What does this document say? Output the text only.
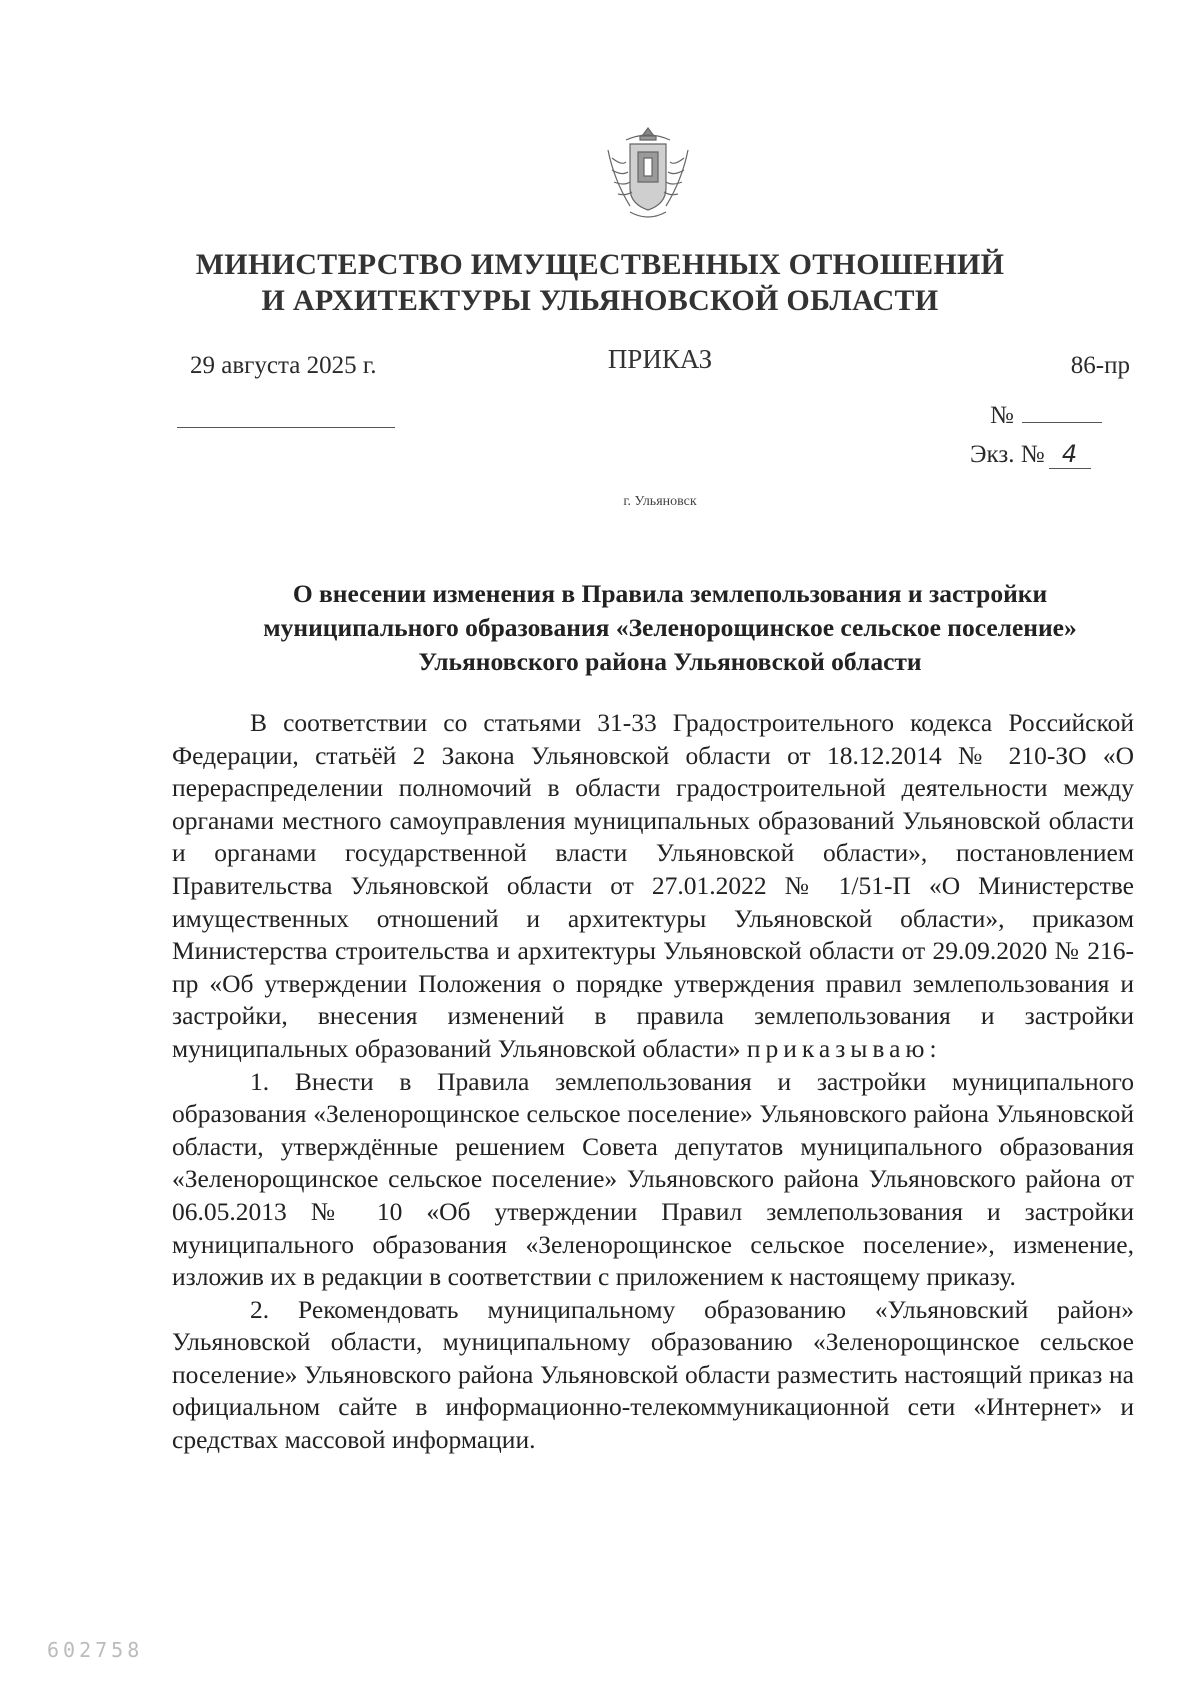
МИНИСТЕРСТВО ИМУЩЕСТВЕННЫХ ОТНОШЕНИЙ
И АРХИТЕКТУРЫ УЛЬЯНОВСКОЙ ОБЛАСТИ
29 августа 2025 г.	ПРИКАЗ	86-пр
№
Экз. № 4
г. Ульяновск
О внесении изменения в Правила землепользования и застройки
муниципального образования «Зеленорощинское сельское поселение»
Ульяновского района Ульяновской области

В соответствии со статьями 31-33 Градостроительного кодекса Российской Федерации, статьёй 2 Закона Ульяновской области от 18.12.2014 № 210-ЗО «О перераспределении полномочий в области градостроительной деятельности между органами местного самоуправления муниципальных образований Ульяновской области и органами государственной власти Ульяновской области», постановлением Правительства Ульяновской области от 27.01.2022 № 1/51-П «О Министерстве имущественных отношений и архитектуры Ульяновской области», приказом Министерства строительства и архитектуры Ульяновской области от 29.09.2020 № 216-пр «Об утверждении Положения о порядке утверждения правил землепользования и застройки, внесения изменений в правила землепользования и застройки муниципальных образований Ульяновской области» приказываю:

1. Внести в Правила землепользования и застройки муниципального образования «Зеленорощинское сельское поселение» Ульяновского района Ульяновской области, утверждённые решением Совета депутатов муниципального образования «Зеленорощинское сельское поселение» Ульяновского района Ульяновского района от 06.05.2013 № 10 «Об утверждении Правил землепользования и застройки муниципального образования «Зеленорощинское сельское поселение», изменение, изложив их в редакции в соответствии с приложением к настоящему приказу.

2. Рекомендовать муниципальному образованию «Ульяновский район» Ульяновской области, муниципальному образованию «Зеленорощинское сельское поселение» Ульяновского района Ульяновской области разместить настоящий приказ на официальном сайте в информационно-телекоммуникационной сети «Интернет» и средствах массовой информации.

602758
